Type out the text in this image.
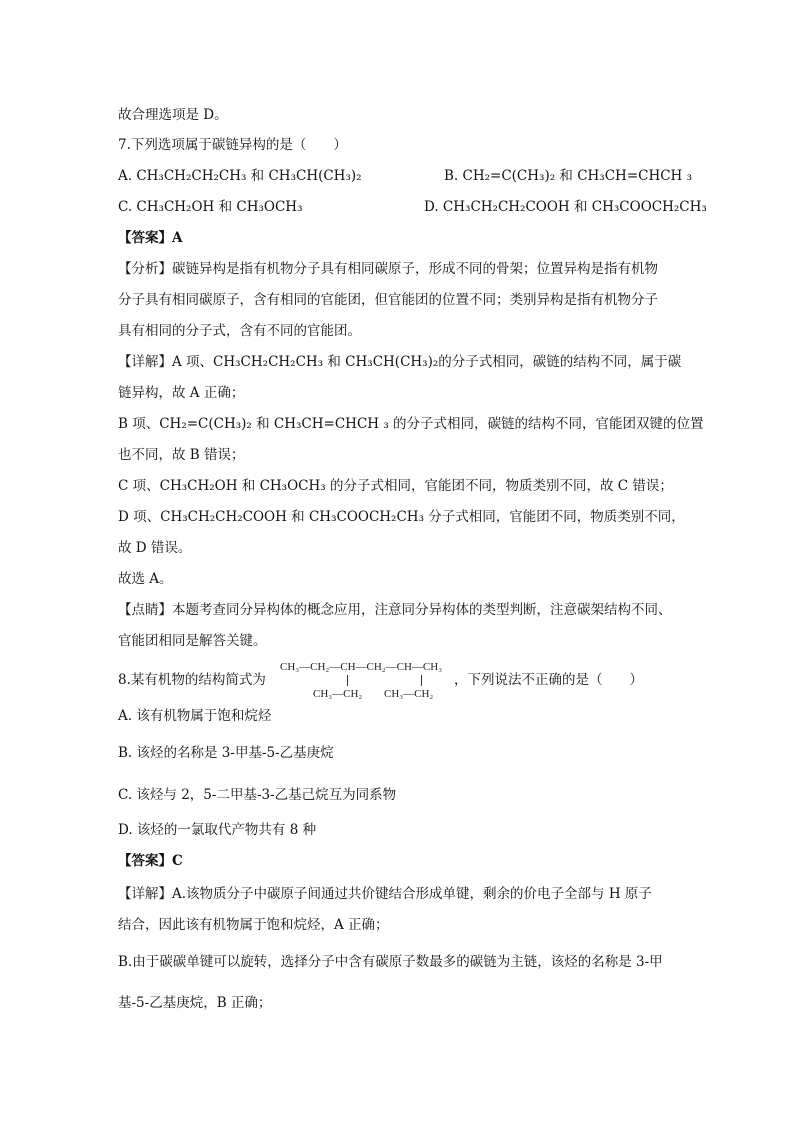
故合理选项是 D。
7.下列选项属于碳链异构的是（　　）
A. CH₃CH₂CH₂CH₃ 和 CH₃CH(CH₃)₂	B. CH₂=C(CH₃)₂ 和 CH₃CH=CHCH ₃
C. CH₃CH₂OH 和 CH₃OCH₃	D. CH₃CH₂CH₂COOH 和 CH₃COOCH₂CH₃
【答案】A
【分析】碳链异构是指有机物分子具有相同碳原子，形成不同的骨架；位置异构是指有机物
分子具有相同碳原子，含有相同的官能团，但官能团的位置不同；类别异构是指有机物分子
具有相同的分子式，含有不同的官能团。
【详解】A 项、CH₃CH₂CH₂CH₃ 和 CH₃CH(CH₃)₂的分子式相同，碳链的结构不同，属于碳
链异构，故 A 正确；
B 项、CH₂=C(CH₃)₂ 和 CH₃CH=CHCH ₃ 的分子式相同，碳链的结构不同，官能团双键的位置
也不同，故 B 错误；
C 项、CH₃CH₂OH 和 CH₃OCH₃ 的分子式相同，官能团不同，物质类别不同，故 C 错误；
D 项、CH₃CH₂CH₂COOH 和 CH₃COOCH₂CH₃ 分子式相同，官能团不同，物质类别不同，
故 D 错误。
故选 A。
【点睛】本题考查同分异构体的概念应用，注意同分异构体的类型判断，注意碳架结构不同、
官能团相同是解答关键。
8.某有机物的结构简式为
CH₃—CH₂—CH—CH₂—CH—CH₃
CH₃—CH₂ CH₃—CH₂
，下列说法不正确的是（　　）
A. 该有机物属于饱和烷烃
B. 该烃的名称是 3-甲基-5-乙基庚烷
C. 该烃与 2，5-二甲基-3-乙基己烷互为同系物
D. 该烃的一氯取代产物共有 8 种
【答案】C
【详解】A.该物质分子中碳原子间通过共价键结合形成单键，剩余的价电子全部与 H 原子
结合，因此该有机物属于饱和烷烃，A 正确；
B.由于碳碳单键可以旋转，选择分子中含有碳原子数最多的碳链为主链，该烃的名称是 3-甲
基-5-乙基庚烷，B 正确；
